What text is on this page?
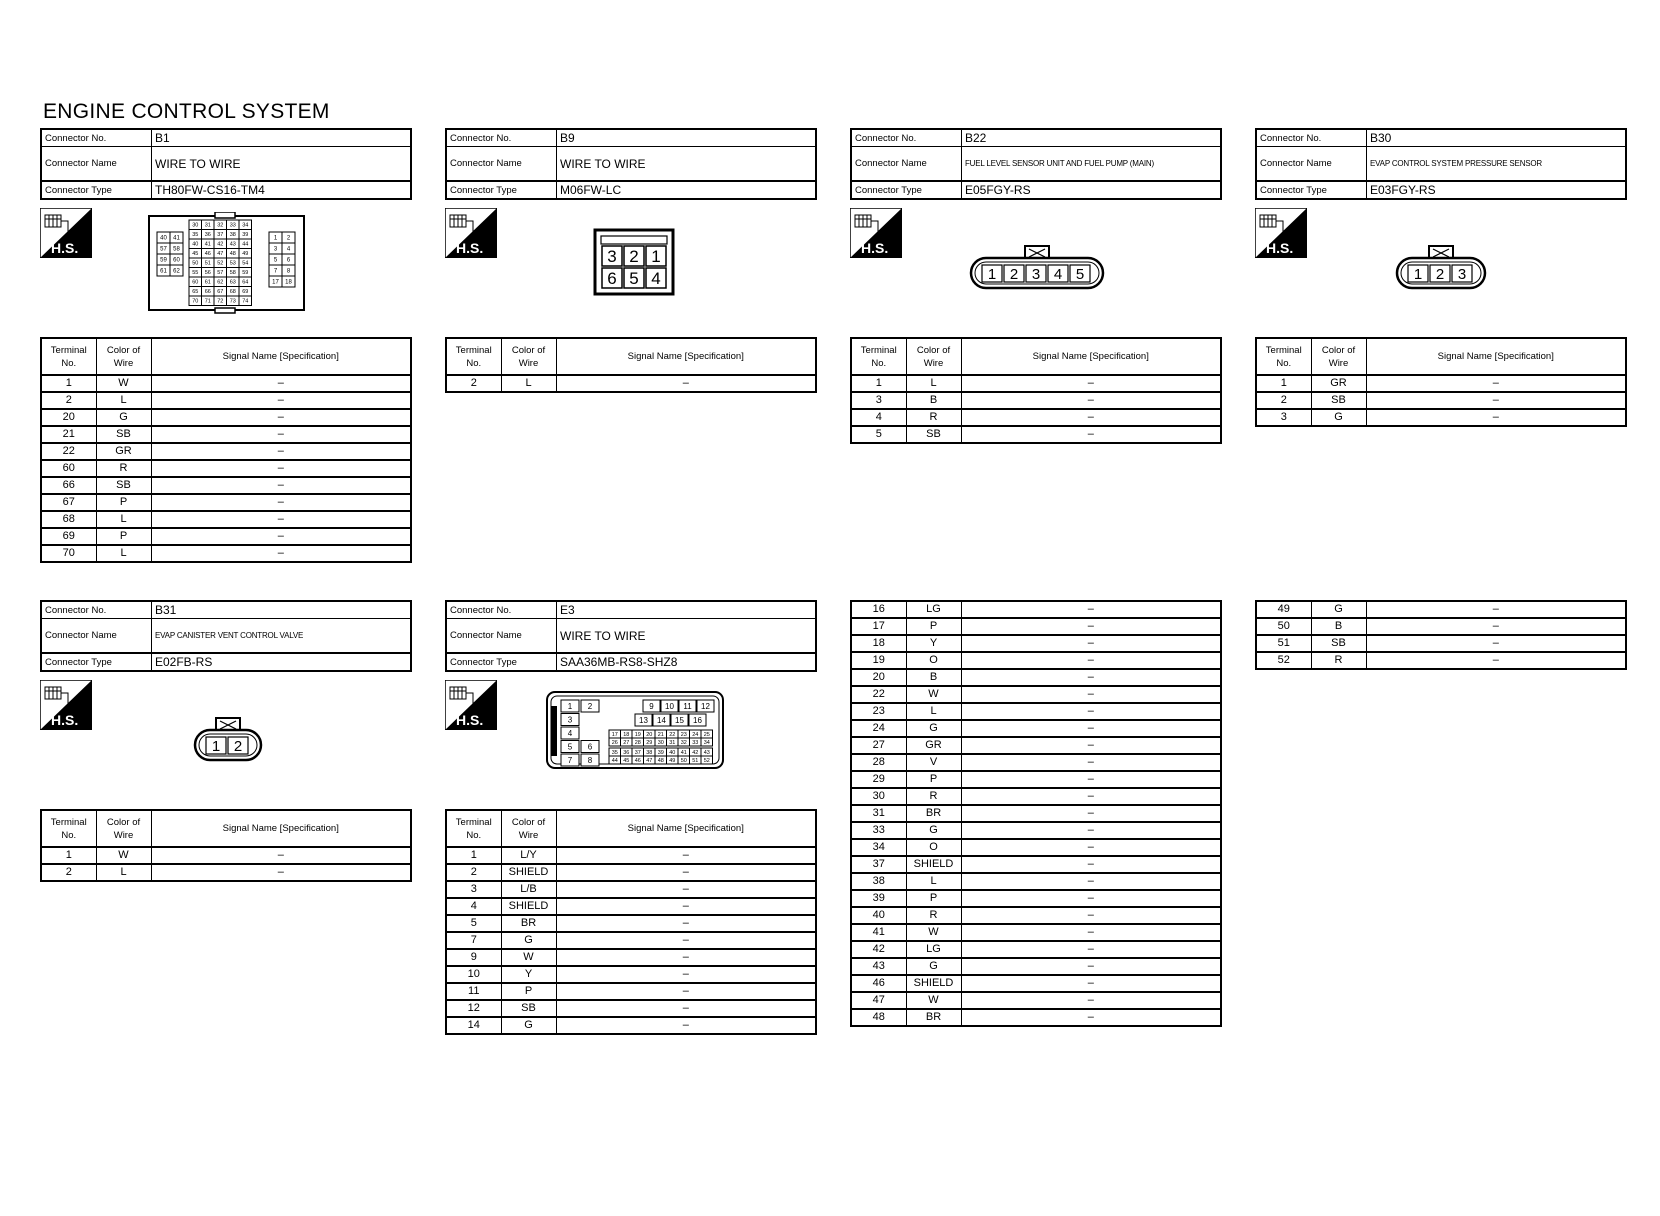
ENGINE CONTROL SYSTEM
Connector No.	B1
Connector Name	WIRE TO WIRE
Connector Type	TH80FW-CS16-TM4
H.S.
40 41
57 58
59 60
61 62
30 31 32 33 34
35 36 37 38 39
40 41 42 43 44
45 46 47 48 49
50 51 52 53 54
55 56 57 58 59
60 61 62 63 64
65 66 67 68 69
70 71 72 73 74
1 2
3 4
5 6
7 8
17 18
Terminal No.	Color of Wire	Signal Name [Specification]
1	W	–
2	L	–
20	G	–
21	SB	–
22	GR	–
60	R	–
66	SB	–
67	P	–
68	L	–
69	P	–
70	L	–
Connector No.	B9
Connector Name	WIRE TO WIRE
Connector Type	M06FW-LC
H.S.	3 2 1
6 5 4
Terminal No.	Color of Wire	Signal Name [Specification]
2	L	–
Connector No.	B22
Connector Name	FUEL LEVEL SENSOR UNIT AND FUEL PUMP (MAIN)
Connector Type	E05FGY-RS
H.S.
1 2 3 4 5
Terminal No.	Color of Wire	Signal Name [Specification]
1	L	–
3	B	–
4	R	–
5	SB	–
Connector No.	B30
Connector Name	EVAP CONTROL SYSTEM PRESSURE SENSOR
Connector Type	E03FGY-RS
H.S.
1 2 3
Terminal No.	Color of Wire	Signal Name [Specification]
1	GR	–
2	SB	–
3	G	–
Connector No.	B31
Connector Name	EVAP CANISTER VENT CONTROL VALVE
Connector Type	E02FB-RS
H.S.
1 2
Terminal No.	Color of Wire	Signal Name [Specification]
1	W	–
2	L	–
Connector No.	E3
Connector Name	WIRE TO WIRE
Connector Type	SAA36MB-RS8-SHZ8
H.S.
1 2
3
4
5 6
7 8
9 10 11 12
13 14 15 16
17 18 19 20 21 22 23 24 25
26 27 28 29 30 31 32 33 34
35 36 37 38 39 40 41 42 43
44 45 46 47 48 49 50 51 52
Terminal No.	Color of Wire	Signal Name [Specification]
1	L/Y	–
2	SHIELD	–
3	L/B	–
4	SHIELD	–
5	BR	–
7	G	–
9	W	–
10	Y	–
11	P	–
12	SB	–
14	G	–
16	LG	–
17	P	–
18	Y	–
19	O	–
20	B	–
22	W	–
23	L	–
24	G	–
27	GR	–
28	V	–
29	P	–
30	R	–
31	BR	–
33	G	–
34	O	–
37	SHIELD	–
38	L	–
39	P	–
40	R	–
41	W	–
42	LG	–
43	G	–
46	SHIELD	–
47	W	–
48	BR	–
49	G	–
50	B	–
51	SB	–
52	R	–
